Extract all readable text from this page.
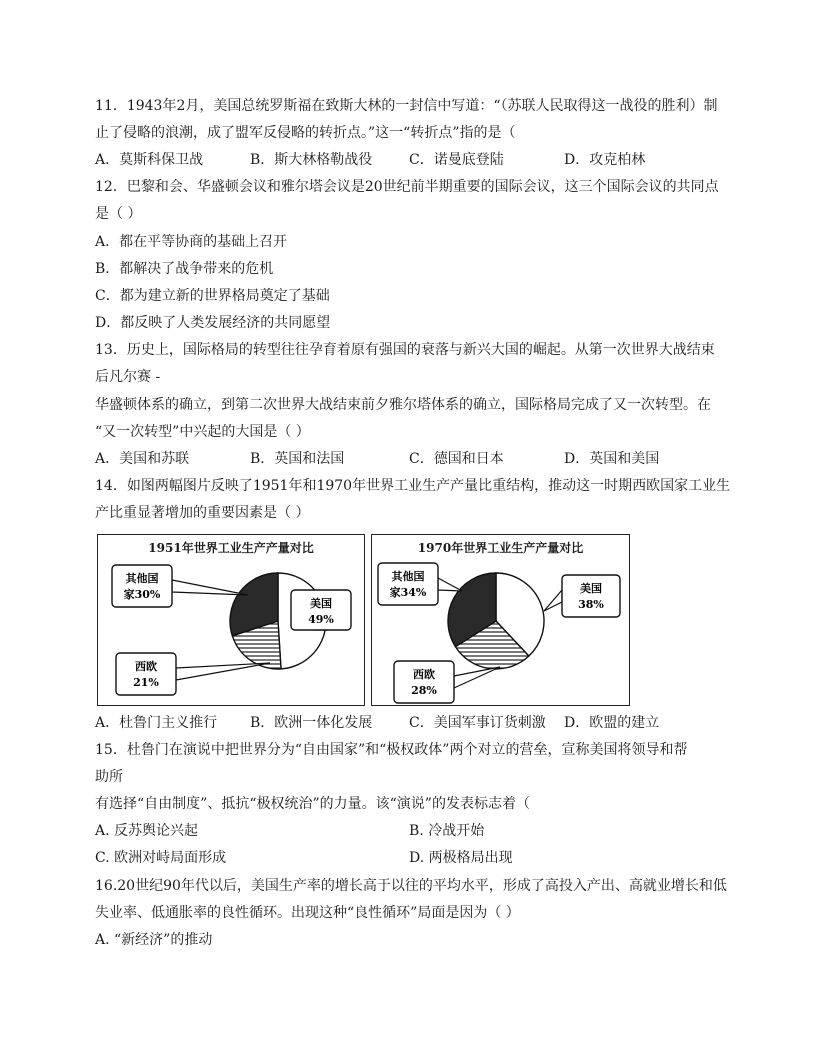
11．1943年2月，美国总统罗斯福在致斯大林的一封信中写道：“（苏联人民取得这一战役的胜利）制
止了侵略的浪潮，成了盟军反侵略的转折点。”这一“转折点”指的是（
A．莫斯科保卫战	B．斯大林格勒战役	C．诺曼底登陆	D．攻克柏林
12．巴黎和会、华盛顿会议和雅尔塔会议是20世纪前半期重要的国际会议，这三个国际会议的共同点
是（ ）
A．都在平等协商的基础上召开
B．都解决了战争带来的危机
C．都为建立新的世界格局奠定了基础
D．都反映了人类发展经济的共同愿望
13．历史上，国际格局的转型往往孕育着原有强国的衰落与新兴大国的崛起。从第一次世界大战结束
后凡尔赛 -
华盛顿体系的确立，到第二次世界大战结束前夕雅尔塔体系的确立，国际格局完成了又一次转型。在
“又一次转型”中兴起的大国是（ ）
A．美国和苏联	B．英国和法国	C．德国和日本	D．英国和美国
14．如图两幅图片反映了1951年和1970年世界工业生产产量比重结构，推动这一时期西欧国家工业生
产比重显著增加的重要因素是（ ）
1951年世界工业生产产量对比
美国
49%
西欧
21%
其他国
家30%
1970年世界工业生产产量对比
美国
38%
西欧
28%
其他国
家34%
A．杜鲁门主义推行 B．欧洲一体化发展	C．美国军事订货刺激 D．欧盟的建立
15．杜鲁门在演说中把世界分为“自由国家”和“极权政体”两个对立的营垒，宣称美国将领导和帮
助所
有选择“自由制度”、抵抗“极权统治”的力量。该“演说”的发表标志着（
A. 反苏舆论兴起	B. 冷战开始
C. 欧洲对峙局面形成	D. 两极格局出现
16.20世纪90年代以后，美国生产率的增长高于以往的平均水平，形成了高投入产出、高就业增长和低
失业率、低通胀率的良性循环。出现这种“良性循环”局面是因为（ ）
A. “新经济”的推动
